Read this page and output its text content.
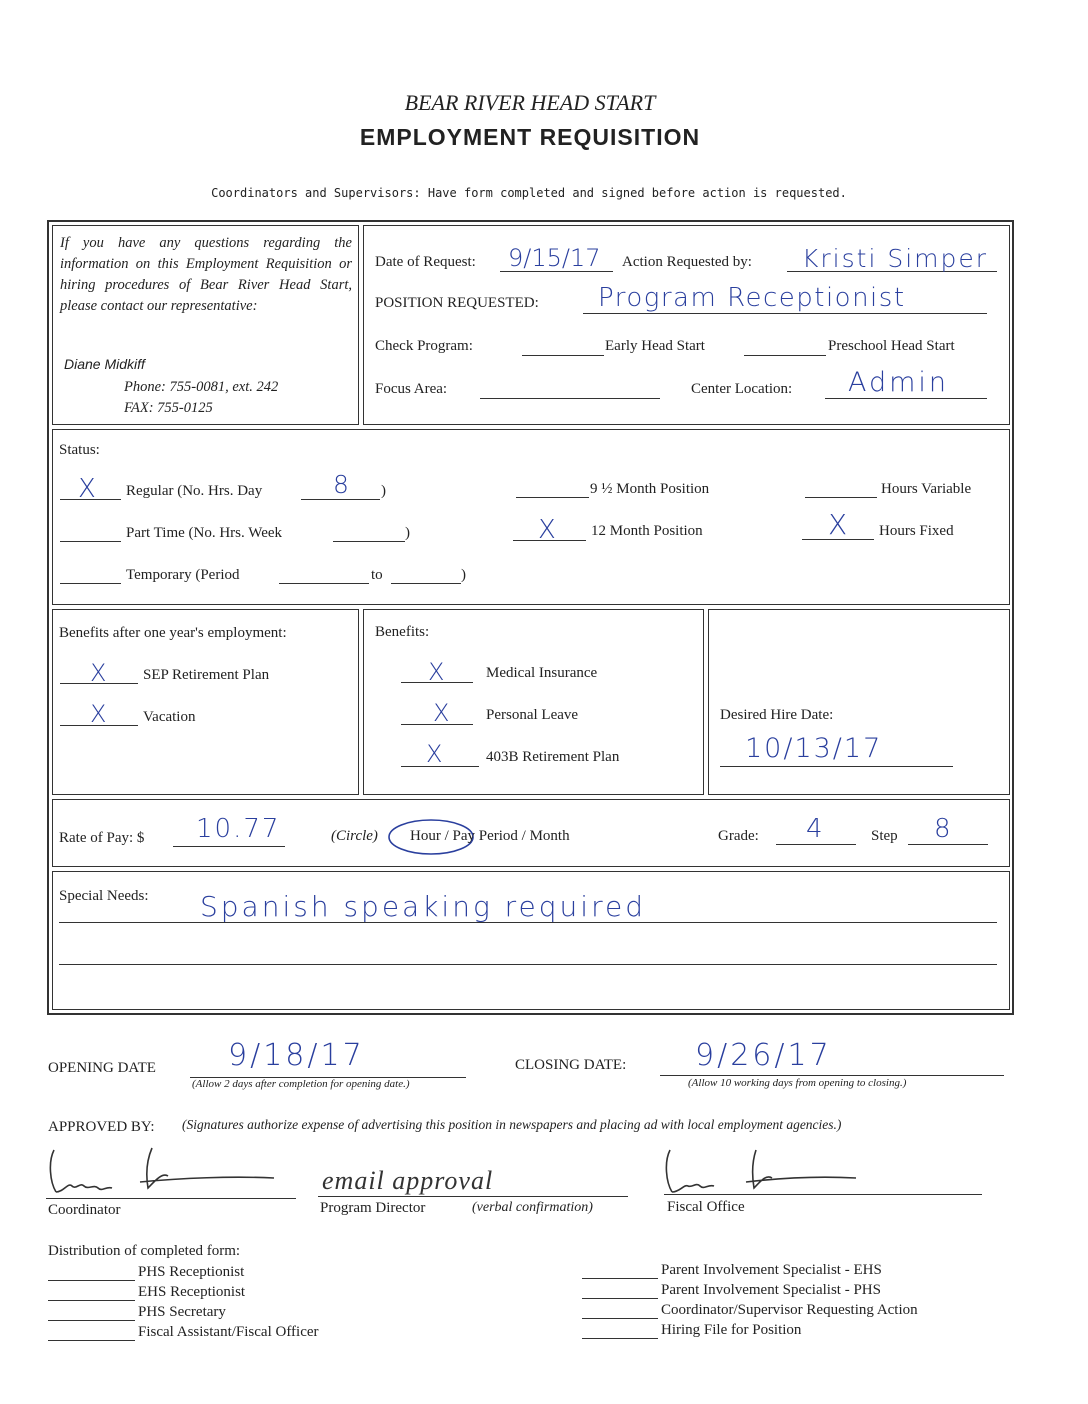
BEAR RIVER HEAD START
EMPLOYMENT REQUISITION
Coordinators and Supervisors: Have form completed and signed before action is requested.
If you have any questions regarding the information on this Employment Requisition or hiring procedures of Bear River Head Start, please contact our representative:
Diane Midkiff
Phone: 755-0081, ext. 242
FAX: 755-0125
Date of Request: 9/15/17 Action Requested by: Kristi Simper
POSITION REQUESTED: Program Receptionist
Check Program:	Early Head Start	Preschool Head Start
Focus Area:	Center Location: Admin
Status:
X Regular (No. Hrs. Day	8 )	9 ½ Month Position	Hours Variable
Part Time (No. Hrs. Week	)	X 12 Month Position	X Hours Fixed
Temporary (Period	to	)
Benefits after one year's employment:
X SEP Retirement Plan
X Vacation
Benefits:
X	Medical Insurance
X Personal Leave
X	403B Retirement Plan
Desired Hire Date:
10/13/17
Rate of Pay: $ 10.77	(Circle) Hour / Pay Period / Month	Grade: 4	Step 8
Special Needs: Spanish speaking required
OPENING DATE 9/18/17
(Allow 2 days after completion for opening date.)
CLOSING DATE: 9/26/17
(Allow 10 working days from opening to closing.)
APPROVED BY: (Signatures authorize expense of advertising this position in newspapers and placing ad with local employment agencies.)
Coordinator
email approval
Program Director	(verbal confirmation)	Fiscal Office
Distribution of completed form:
PHS Receptionist
EHS Receptionist
PHS Secretary
Fiscal Assistant/Fiscal Officer
Parent Involvement Specialist - EHS
Parent Involvement Specialist - PHS
Coordinator/Supervisor Requesting Action
Hiring File for Position
